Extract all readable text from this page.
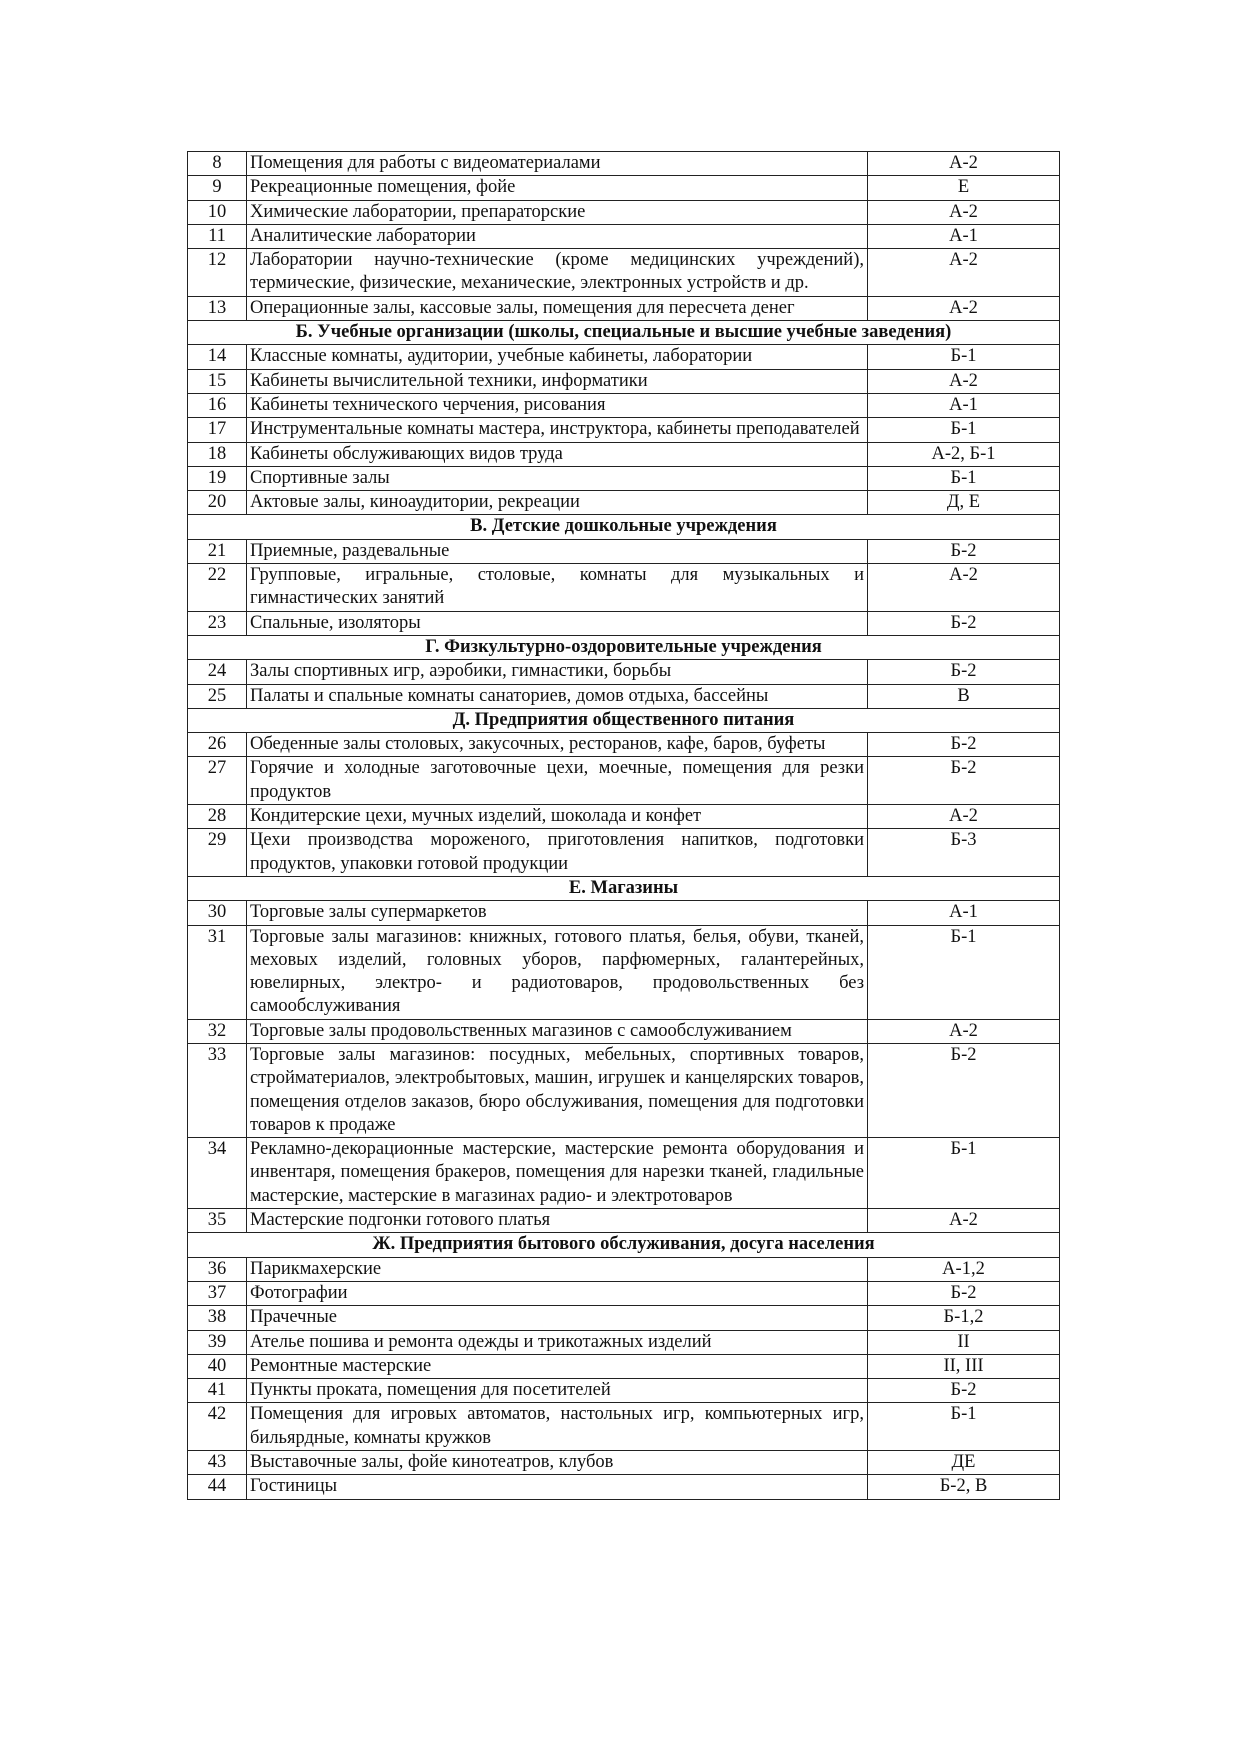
8	Помещения для работы с видеоматериалами	А-2
9	Рекреационные помещения, фойе	Е
10	Химические лаборатории, препараторские	А-2
11	Аналитические лаборатории	А-1
12	Лаборатории научно-технические (кроме медицинских учреждений), термические, физические, механические, электронных устройств и др.	А-2
13	Операционные залы, кассовые залы, помещения для пересчета денег	А-2
Б. Учебные организации (школы, специальные и высшие учебные заведения)		
14	Классные комнаты, аудитории, учебные кабинеты, лаборатории	Б-1
15	Кабинеты вычислительной техники, информатики	А-2
16	Кабинеты технического черчения, рисования	А-1
17	Инструментальные комнаты мастера, инструктора, кабинеты преподавателей	Б-1
18	Кабинеты обслуживающих видов труда	А-2, Б-1
19	Спортивные залы	Б-1
20	Актовые залы, киноаудитории, рекреации	Д, Е
В. Детские дошкольные учреждения		
21	Приемные, раздевальные	Б-2
22	Групповые, игральные, столовые, комнаты для музыкальных и гимнастических занятий	А-2
23	Спальные, изоляторы	Б-2
Г. Физкультурно-оздоровительные учреждения		
24	Залы спортивных игр, аэробики, гимнастики, борьбы	Б-2
25	Палаты и спальные комнаты санаториев, домов отдыха, бассейны	В
Д. Предприятия общественного питания		
26	Обеденные залы столовых, закусочных, ресторанов, кафе, баров, буфеты	Б-2
27	Горячие и холодные заготовочные цехи, моечные, помещения для резки продуктов	Б-2
28	Кондитерские цехи, мучных изделий, шоколада и конфет	А-2
29	Цехи производства мороженого, приготовления напитков, подготовки продуктов, упаковки готовой продукции	Б-3
Е. Магазины		
30	Торговые залы супермаркетов	А-1
31	Торговые залы магазинов: книжных, готового платья, белья, обуви, тканей, меховых изделий, головных уборов, парфюмерных, галантерейных, ювелирных, электро- и радиотоваров, продовольственных без самообслуживания	Б-1
32	Торговые залы продовольственных магазинов с самообслуживанием	А-2
33	Торговые залы магазинов: посудных, мебельных, спортивных товаров, стройматериалов, электробытовых, машин, игрушек и канцелярских товаров, помещения отделов заказов, бюро обслуживания, помещения для подготовки товаров к продаже	Б-2
34	Рекламно-декорационные мастерские, мастерские ремонта оборудования и инвентаря, помещения бракеров, помещения для нарезки тканей, гладильные мастерские, мастерские в магазинах радио- и электротоваров	Б-1
35	Мастерские подгонки готового платья	А-2
Ж. Предприятия бытового обслуживания, досуга населения		
36	Парикмахерские	А-1,2
37	Фотографии	Б-2
38	Прачечные	Б-1,2
39	Ателье пошива и ремонта одежды и трикотажных изделий	II
40	Ремонтные мастерские	II, III
41	Пункты проката, помещения для посетителей	Б-2
42	Помещения для игровых автоматов, настольных игр, компьютерных игр, бильярдные, комнаты кружков	Б-1
43	Выставочные залы, фойе кинотеатров, клубов	ДЕ
44	Гостиницы	Б-2, В
